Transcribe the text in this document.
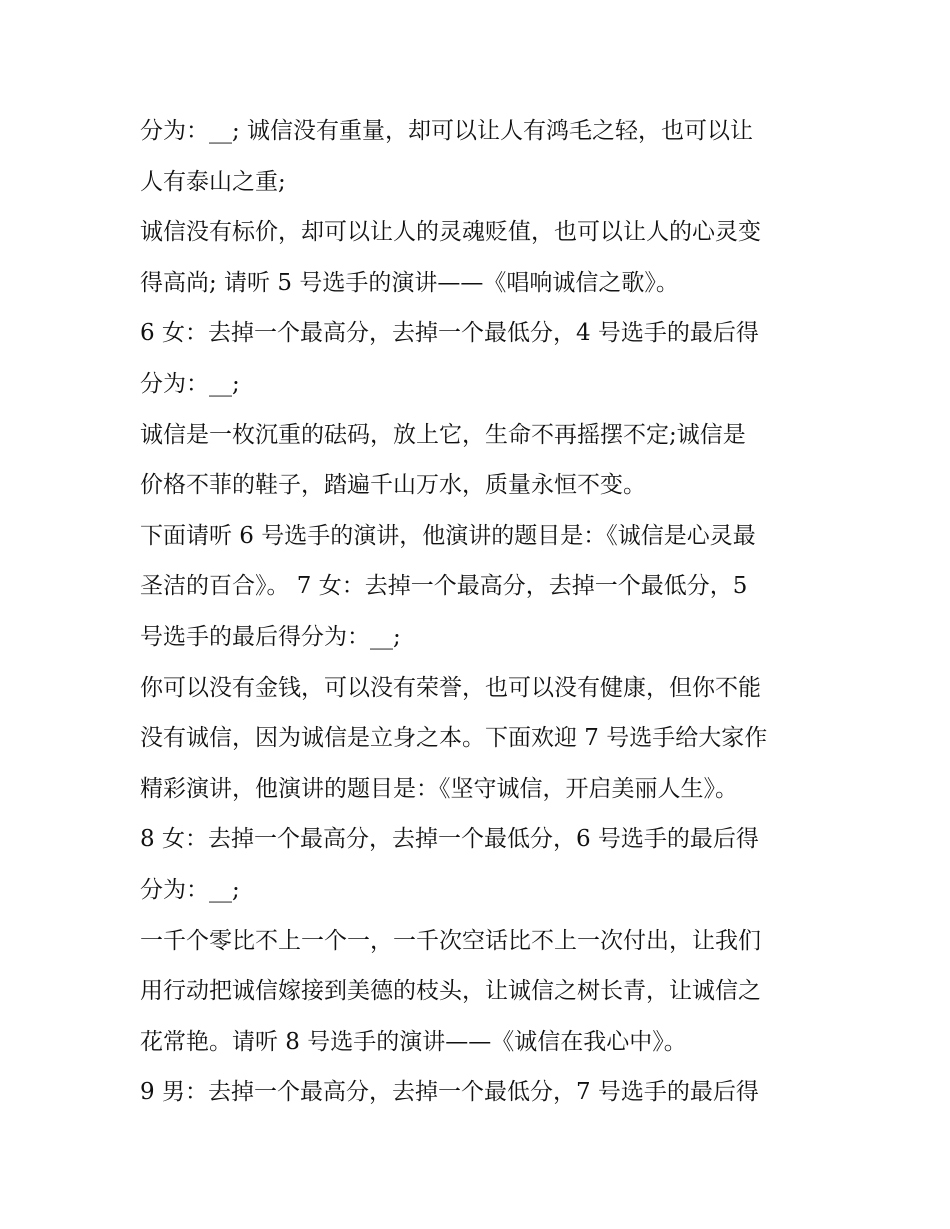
分为：__; 诚信没有重量，却可以让人有鸿毛之轻，也可以让
人有泰山之重;
诚信没有标价，却可以让人的灵魂贬值，也可以让人的心灵变
得高尚; 请听 5 号选手的演讲——《唱响诚信之歌》。
6 女：去掉一个最高分，去掉一个最低分，4 号选手的最后得
分为：__;
诚信是一枚沉重的砝码，放上它，生命不再摇摆不定;诚信是
价格不菲的鞋子，踏遍千山万水，质量永恒不变。
下面请听 6 号选手的演讲，他演讲的题目是：《诚信是心灵最
圣洁的百合》。 7 女：去掉一个最高分，去掉一个最低分，5
号选手的最后得分为：__;
你可以没有金钱，可以没有荣誉，也可以没有健康，但你不能
没有诚信，因为诚信是立身之本。下面欢迎 7 号选手给大家作
精彩演讲，他演讲的题目是：《坚守诚信，开启美丽人生》。
8 女：去掉一个最高分，去掉一个最低分，6 号选手的最后得
分为：__;
一千个零比不上一个一，一千次空话比不上一次付出，让我们
用行动把诚信嫁接到美德的枝头，让诚信之树长青，让诚信之
花常艳。请听 8 号选手的演讲——《诚信在我心中》。
9 男：去掉一个最高分，去掉一个最低分，7 号选手的最后得
